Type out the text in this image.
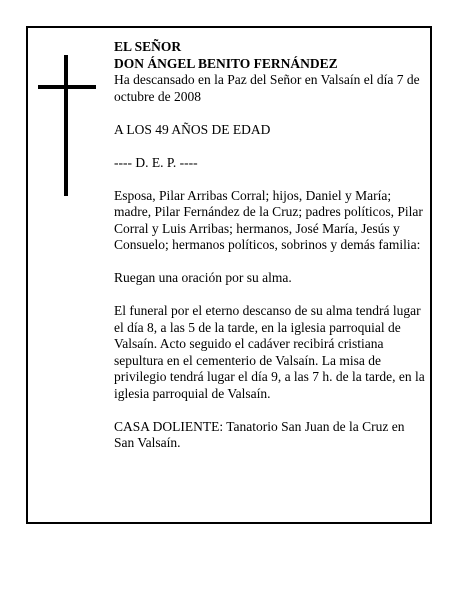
EL SEÑOR

DON ÁNGEL BENITO FERNÁNDEZ

Ha descansado en la Paz del Señor en Valsaín el día 7 de octubre de 2008

A LOS 49 AÑOS DE EDAD

---- D. E. P. ----

Esposa, Pilar Arribas Corral; hijos, Daniel y María; madre, Pilar Fernández de la Cruz; padres políticos, Pilar Corral y Luis Arribas; hermanos, José María, Jesús y Consuelo; hermanos políticos, sobrinos y demás familia:

Ruegan una oración por su alma.

El funeral por el eterno descanso de su alma tendrá lugar el día 8, a las 5 de la tarde, en la iglesia parroquial de Valsaín. Acto seguido el cadáver recibirá cristiana sepultura en el cementerio de Valsaín. La misa de privilegio tendrá lugar el día 9, a las 7 h. de la tarde, en la iglesia parroquial de Valsaín.

CASA DOLIENTE: Tanatorio San Juan de la Cruz en San Valsaín.
